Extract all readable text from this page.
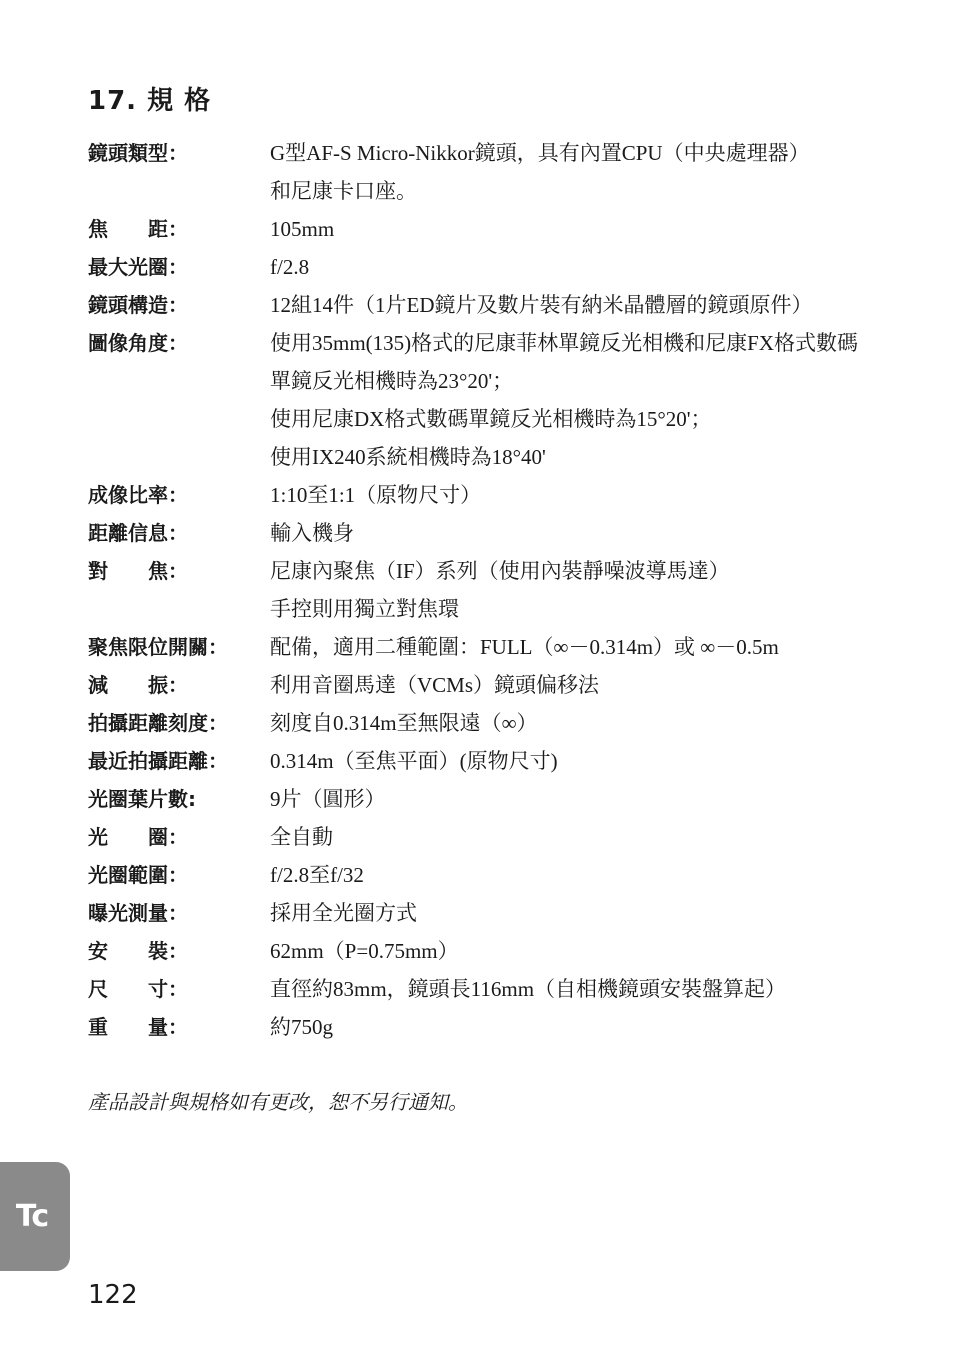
17. 規 格
鏡頭類型：	G型AF-S Micro-Nikkor鏡頭，具有內置CPU（中央處理器）
和尼康卡口座。
焦　　距：	105mm
最大光圈：	f/2.8
鏡頭構造：	12組14件（1片ED鏡片及數片裝有納米晶體層的鏡頭原件）
圖像角度：	使用35mm(135)格式的尼康菲林單鏡反光相機和尼康FX格式數碼
單鏡反光相機時為23°20'；
使用尼康DX格式數碼單鏡反光相機時為15°20'；
使用IX240系統相機時為18°40'
成像比率：	1:10至1:1（原物尺寸）
距離信息：	輸入機身
對　　焦：	尼康內聚焦（IF）系列（使用內裝靜噪波導馬達）
手控則用獨立對焦環
聚焦限位開關：	配備，適用二種範圍：FULL（∞－0.314m）或 ∞－0.5m
減　　振：	利用音圈馬達（VCMs）鏡頭偏移法
拍攝距離刻度：	刻度自0.314m至無限遠（∞）
最近拍攝距離：	0.314m（至焦平面）(原物尺寸)
光圈葉片數:	9片（圓形）
光　　圈：	全自動
光圈範圍：	f/2.8至f/32
曝光測量：	採用全光圈方式
安　　裝：	62mm（P=0.75mm）
尺　　寸：	直徑約83mm，鏡頭長116mm（自相機鏡頭安裝盤算起）
重　　量：	約750g
產品設計與規格如有更改，恕不另行通知。
Tc
122
